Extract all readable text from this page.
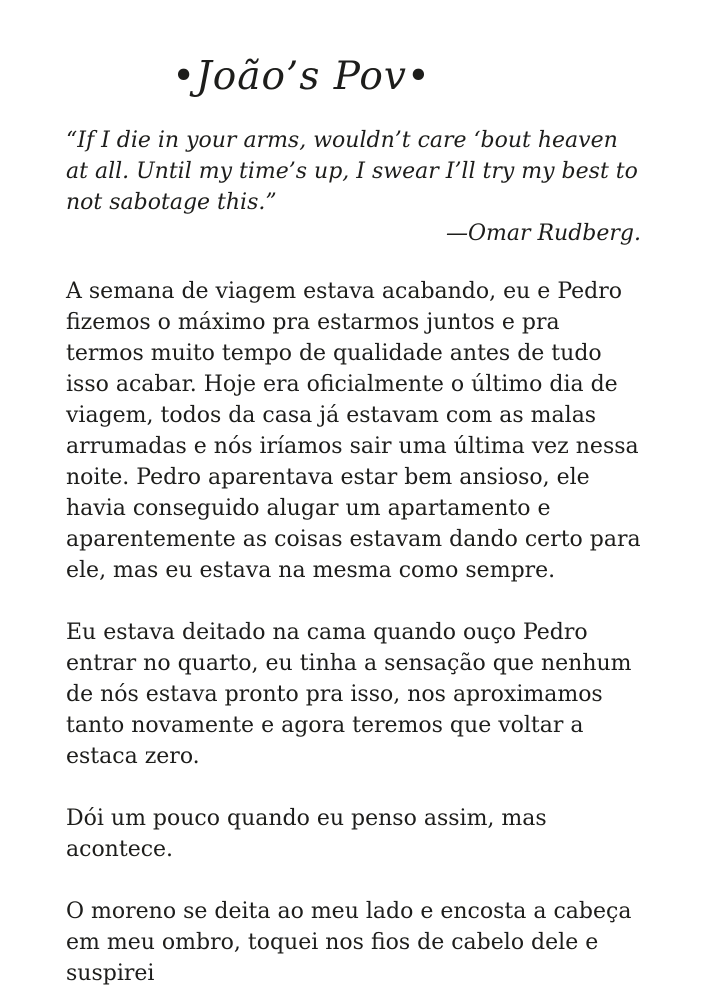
•João’s Pov•

“If I die in your arms, wouldn’t care ‘bout heaven at all. Until my time’s up, I swear I’ll try my best to not sabotage this.”

—Omar Rudberg.

A semana de viagem estava acabando, eu e Pedro fizemos o máximo pra estarmos juntos e pra termos muito tempo de qualidade antes de tudo isso acabar. Hoje era oficialmente o último dia de viagem, todos da casa já estavam com as malas arrumadas e nós iríamos sair uma última vez nessa noite. Pedro aparentava estar bem ansioso, ele havia conseguido alugar um apartamento e aparentemente as coisas estavam dando certo para ele, mas eu estava na mesma como sempre.

Eu estava deitado na cama quando ouço Pedro entrar no quarto, eu tinha a sensação que nenhum de nós estava pronto pra isso, nos aproximamos tanto novamente e agora teremos que voltar a estaca zero.

Dói um pouco quando eu penso assim, mas acontece.

O moreno se deita ao meu lado e encosta a cabeça em meu ombro, toquei nos fios de cabelo dele e suspirei
